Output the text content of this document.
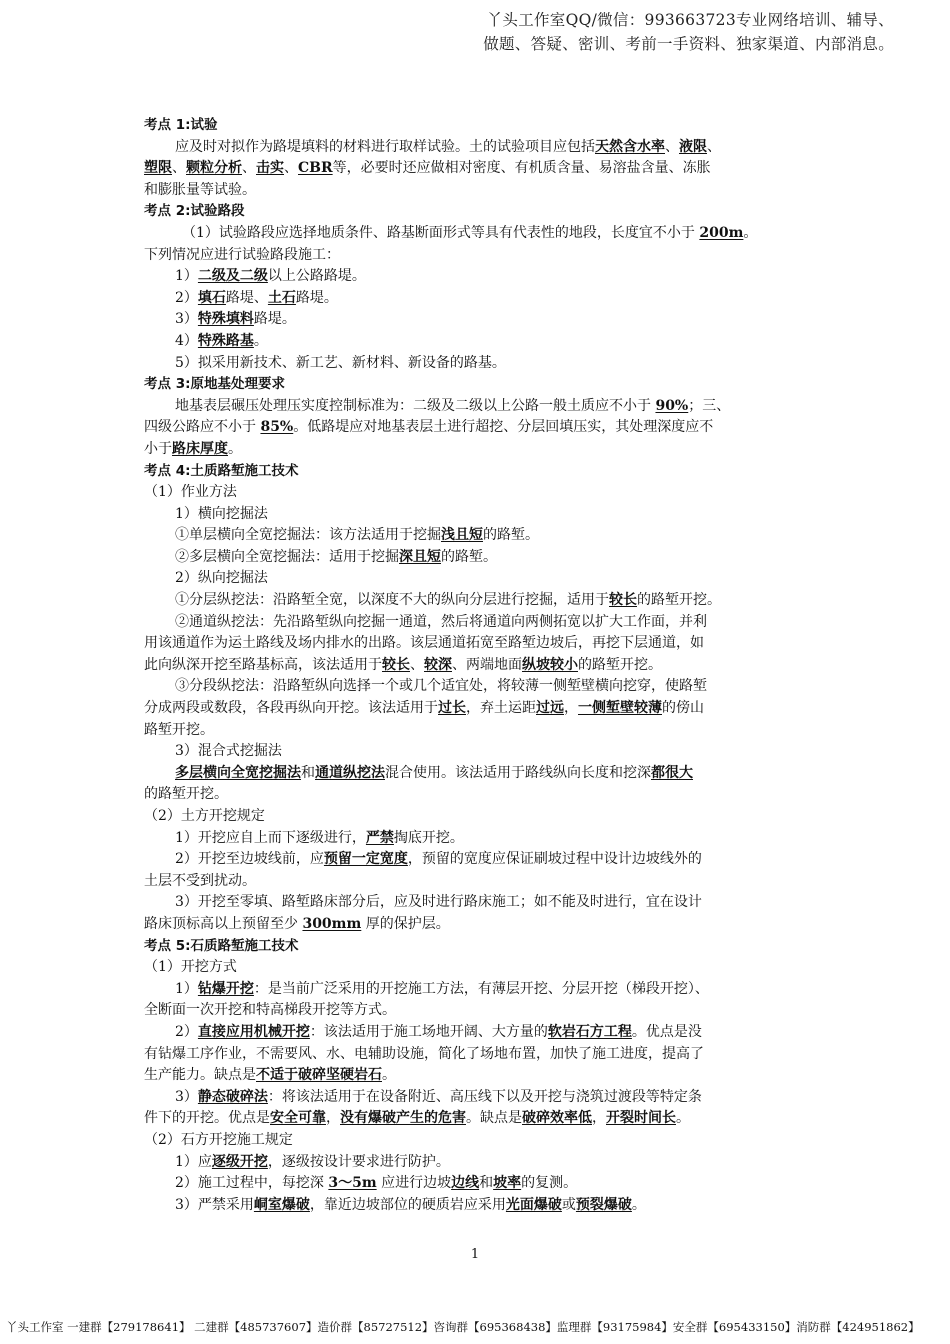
丫头工作室QQ/微信：993663723专业网络培训、辅导、
做题、答疑、密训、考前一手资料、独家渠道、内部消息。
考点 1:试验
应及时对拟作为路堤填料的材料进行取样试验。土的试验项目应包括天然含水率、液限、
塑限、颗粒分析、击实、CBR等，必要时还应做相对密度、有机质含量、易溶盐含量、冻胀
和膨胀量等试验。
考点 2:试验路段
（1）试验路段应选择地质条件、路基断面形式等具有代表性的地段，长度宜不小于 200m。
下列情况应进行试验路段施工：
1）二级及二级以上公路路堤。
2）填石路堤、土石路堤。
3）特殊填料路堤。
4）特殊路基。
5）拟采用新技术、新工艺、新材料、新设备的路基。
考点 3:原地基处理要求
地基表层碾压处理压实度控制标准为：二级及二级以上公路一般土质应不小于 90%；三、
四级公路应不小于 85%。低路堤应对地基表层土进行超挖、分层回填压实，其处理深度应不
小于路床厚度。
考点 4:土质路堑施工技术
（1）作业方法
1）横向挖掘法
①单层横向全宽挖掘法：该方法适用于挖掘浅且短的路堑。
②多层横向全宽挖掘法：适用于挖掘深且短的路堑。
2）纵向挖掘法
①分层纵挖法：沿路堑全宽，以深度不大的纵向分层进行挖掘，适用于较长的路堑开挖。
②通道纵挖法：先沿路堑纵向挖掘一通道，然后将通道向两侧拓宽以扩大工作面，并利
用该通道作为运土路线及场内排水的出路。该层通道拓宽至路堑边坡后，再挖下层通道，如
此向纵深开挖至路基标高，该法适用于较长、较深、两端地面纵坡较小的路堑开挖。
③分段纵挖法：沿路堑纵向选择一个或几个适宜处，将较薄一侧堑壁横向挖穿，使路堑
分成两段或数段，各段再纵向开挖。该法适用于过长，弃土运距过远，一侧堑壁较薄的傍山
路堑开挖。
3）混合式挖掘法
多层横向全宽挖掘法和通道纵挖法混合使用。该法适用于路线纵向长度和挖深都很大
的路堑开挖。
（2）土方开挖规定
1）开挖应自上而下逐级进行，严禁掏底开挖。
2）开挖至边坡线前，应预留一定宽度，预留的宽度应保证刷坡过程中设计边坡线外的
土层不受到扰动。
3）开挖至零填、路堑路床部分后，应及时进行路床施工；如不能及时进行，宜在设计
路床顶标高以上预留至少 300mm 厚的保护层。
考点 5:石质路堑施工技术
（1）开挖方式
1）钻爆开挖：是当前广泛采用的开挖施工方法，有薄层开挖、分层开挖（梯段开挖）、
全断面一次开挖和特高梯段开挖等方式。
2）直接应用机械开挖：该法适用于施工场地开阔、大方量的软岩石方工程。优点是没
有钻爆工序作业，不需要风、水、电辅助设施，简化了场地布置，加快了施工进度，提高了
生产能力。缺点是不适于破碎坚硬岩石。
3）静态破碎法：将该法适用于在设备附近、高压线下以及开挖与浇筑过渡段等特定条
件下的开挖。优点是安全可靠，没有爆破产生的危害。缺点是破碎效率低，开裂时间长。
（2）石方开挖施工规定
1）应逐级开挖，逐级按设计要求进行防护。
2）施工过程中，每挖深 3～5m 应进行边坡边线和坡率的复测。
3）严禁采用峒室爆破，靠近边坡部位的硬质岩应采用光面爆破或预裂爆破。
1
丫头工作室 一建群【279178641】 二建群【485737607】造价群【85727512】咨询群【695368438】监理群【93175984】安全群【695433150】消防群【424951862】
